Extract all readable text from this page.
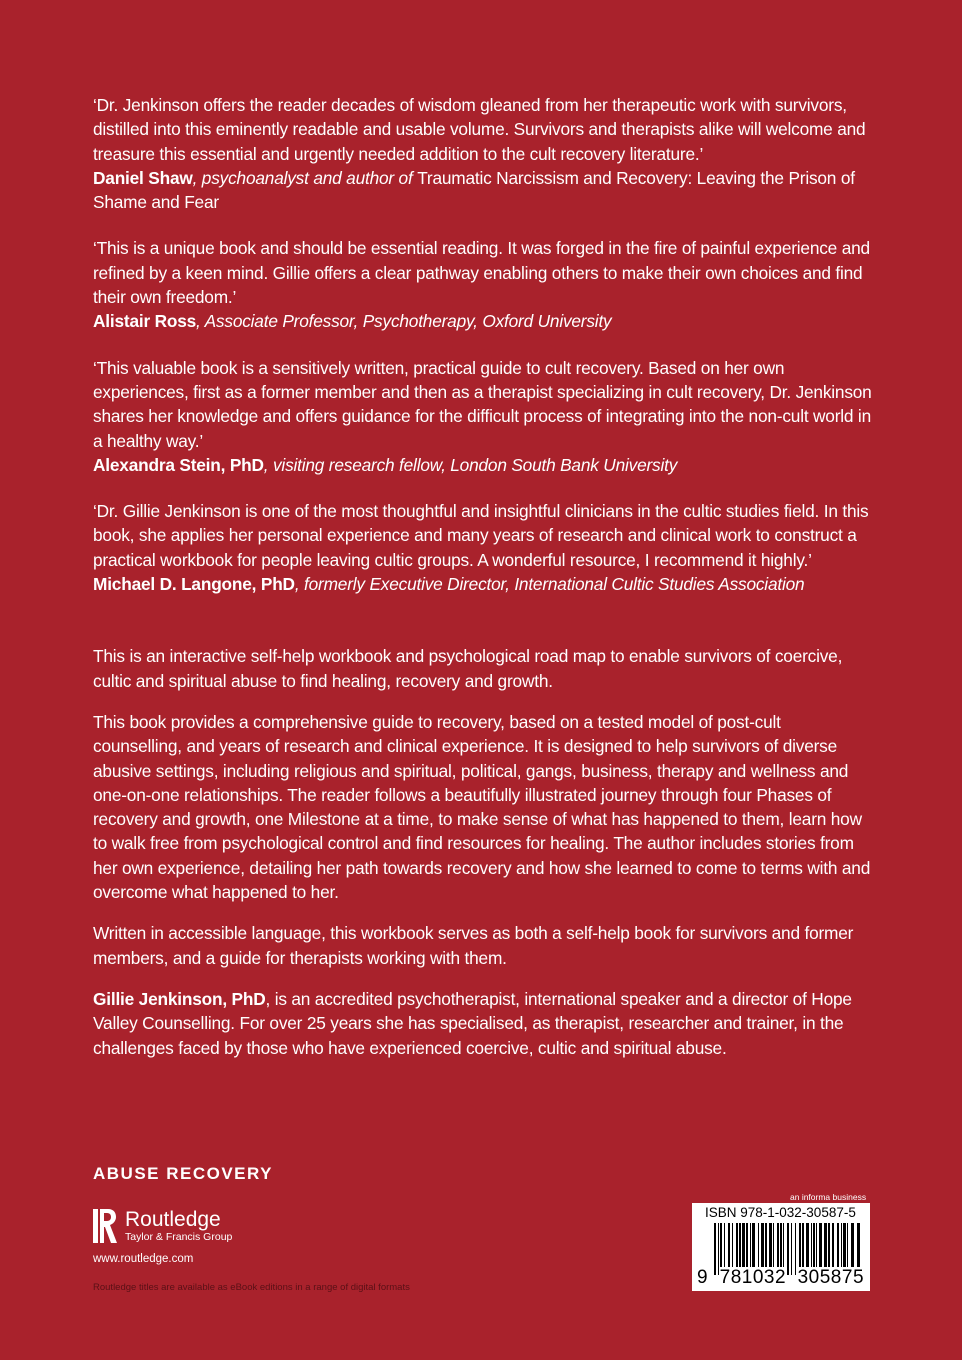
‘Dr. Jenkinson offers the reader decades of wisdom gleaned from her therapeutic work with survivors, distilled into this eminently readable and usable volume. Survivors and therapists alike will welcome and treasure this essential and urgently needed addition to the cult recovery literature.’
Daniel Shaw, psychoanalyst and author of Traumatic Narcissism and Recovery: Leaving the Prison of Shame and Fear
‘This is a unique book and should be essential reading. It was forged in the fire of painful experience and refined by a keen mind. Gillie offers a clear pathway enabling others to make their own choices and find their own freedom.’
Alistair Ross, Associate Professor, Psychotherapy, Oxford University
‘This valuable book is a sensitively written, practical guide to cult recovery. Based on her own experiences, first as a former member and then as a therapist specializing in cult recovery, Dr. Jenkinson shares her knowledge and offers guidance for the difficult process of integrating into the non-cult world in a healthy way.’
Alexandra Stein, PhD, visiting research fellow, London South Bank University
‘Dr. Gillie Jenkinson is one of the most thoughtful and insightful clinicians in the cultic studies field. In this book, she applies her personal experience and many years of research and clinical work to construct a practical workbook for people leaving cultic groups. A wonderful resource, I recommend it highly.’
Michael D. Langone, PhD, formerly Executive Director, International Cultic Studies Association

This is an interactive self-help workbook and psychological road map to enable survivors of coercive, cultic and spiritual abuse to find healing, recovery and growth.

This book provides a comprehensive guide to recovery, based on a tested model of post-cult counselling, and years of research and clinical experience. It is designed to help survivors of diverse abusive settings, including religious and spiritual, political, gangs, business, therapy and wellness and one-on-one relationships. The reader follows a beautifully illustrated journey through four Phases of recovery and growth, one Milestone at a time, to make sense of what has happened to them, learn how to walk free from psychological control and find resources for healing. The author includes stories from her own experience, detailing her path towards recovery and how she learned to come to terms with and overcome what happened to her.

Written in accessible language, this workbook serves as both a self-help book for survivors and former members, and a guide for therapists working with them.

Gillie Jenkinson, PhD, is an accredited psychotherapist, international speaker and a director of Hope Valley Counselling. For over 25 years she has specialised, as therapist, researcher and trainer, in the challenges faced by those who have experienced coercive, cultic and spiritual abuse.

ABUSE RECOVERY
Routledge
Taylor & Francis Group
www.routledge.com
Routledge titles are available as eBook editions in a range of digital formats
an informa business
ISBN 978-1-032-30587-5
9 781032 305875
